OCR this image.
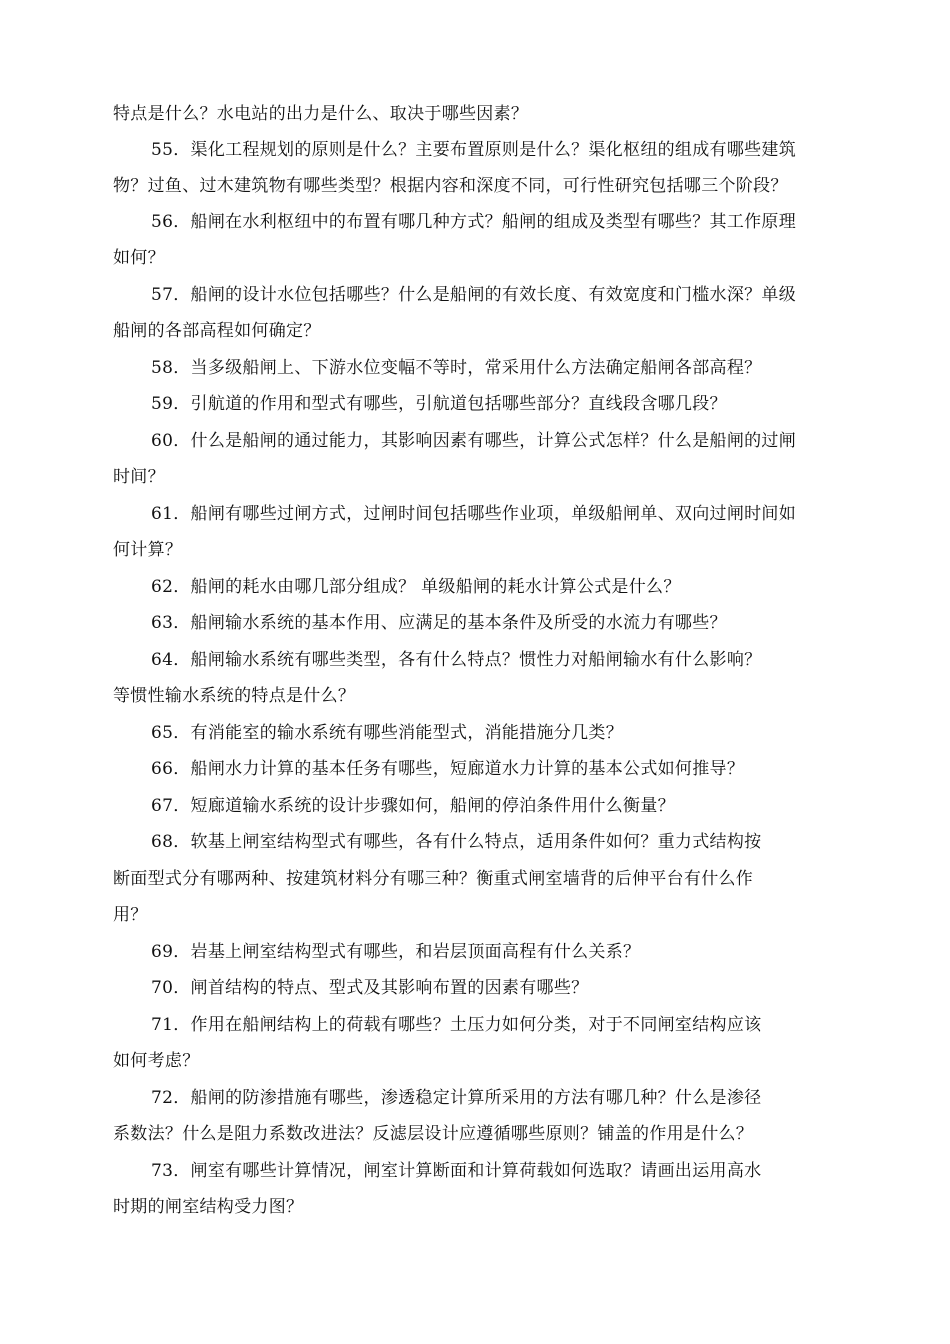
特点是什么？水电站的出力是什么、取决于哪些因素？
55．渠化工程规划的原则是什么？主要布置原则是什么？渠化枢纽的组成有哪些建筑
物？过鱼、过木建筑物有哪些类型？根据内容和深度不同，可行性研究包括哪三个阶段？
56．船闸在水利枢纽中的布置有哪几种方式？船闸的组成及类型有哪些？其工作原理
如何？
57．船闸的设计水位包括哪些？什么是船闸的有效长度、有效宽度和门槛水深？单级
船闸的各部高程如何确定？
58．当多级船闸上、下游水位变幅不等时，常采用什么方法确定船闸各部高程？
59．引航道的作用和型式有哪些，引航道包括哪些部分？直线段含哪几段？
60．什么是船闸的通过能力，其影响因素有哪些，计算公式怎样？什么是船闸的过闸
时间？
61．船闸有哪些过闸方式，过闸时间包括哪些作业项，单级船闸单、双向过闸时间如
何计算？
62．船闸的耗水由哪几部分组成？ 单级船闸的耗水计算公式是什么？
63．船闸输水系统的基本作用、应满足的基本条件及所受的水流力有哪些？
64．船闸输水系统有哪些类型，各有什么特点？惯性力对船闸输水有什么影响？
等惯性输水系统的特点是什么？
65．有消能室的输水系统有哪些消能型式，消能措施分几类？
66．船闸水力计算的基本任务有哪些，短廊道水力计算的基本公式如何推导？
67．短廊道输水系统的设计步骤如何，船闸的停泊条件用什么衡量？
68．软基上闸室结构型式有哪些，各有什么特点，适用条件如何？重力式结构按
断面型式分有哪两种、按建筑材料分有哪三种？衡重式闸室墙背的后伸平台有什么作
用？
69．岩基上闸室结构型式有哪些，和岩层顶面高程有什么关系？
70．闸首结构的特点、型式及其影响布置的因素有哪些？
71．作用在船闸结构上的荷载有哪些？土压力如何分类，对于不同闸室结构应该
如何考虑？
72．船闸的防渗措施有哪些，渗透稳定计算所采用的方法有哪几种？什么是渗径
系数法？什么是阻力系数改进法？反滤层设计应遵循哪些原则？铺盖的作用是什么？
73．闸室有哪些计算情况，闸室计算断面和计算荷载如何选取？请画出运用高水
时期的闸室结构受力图？
